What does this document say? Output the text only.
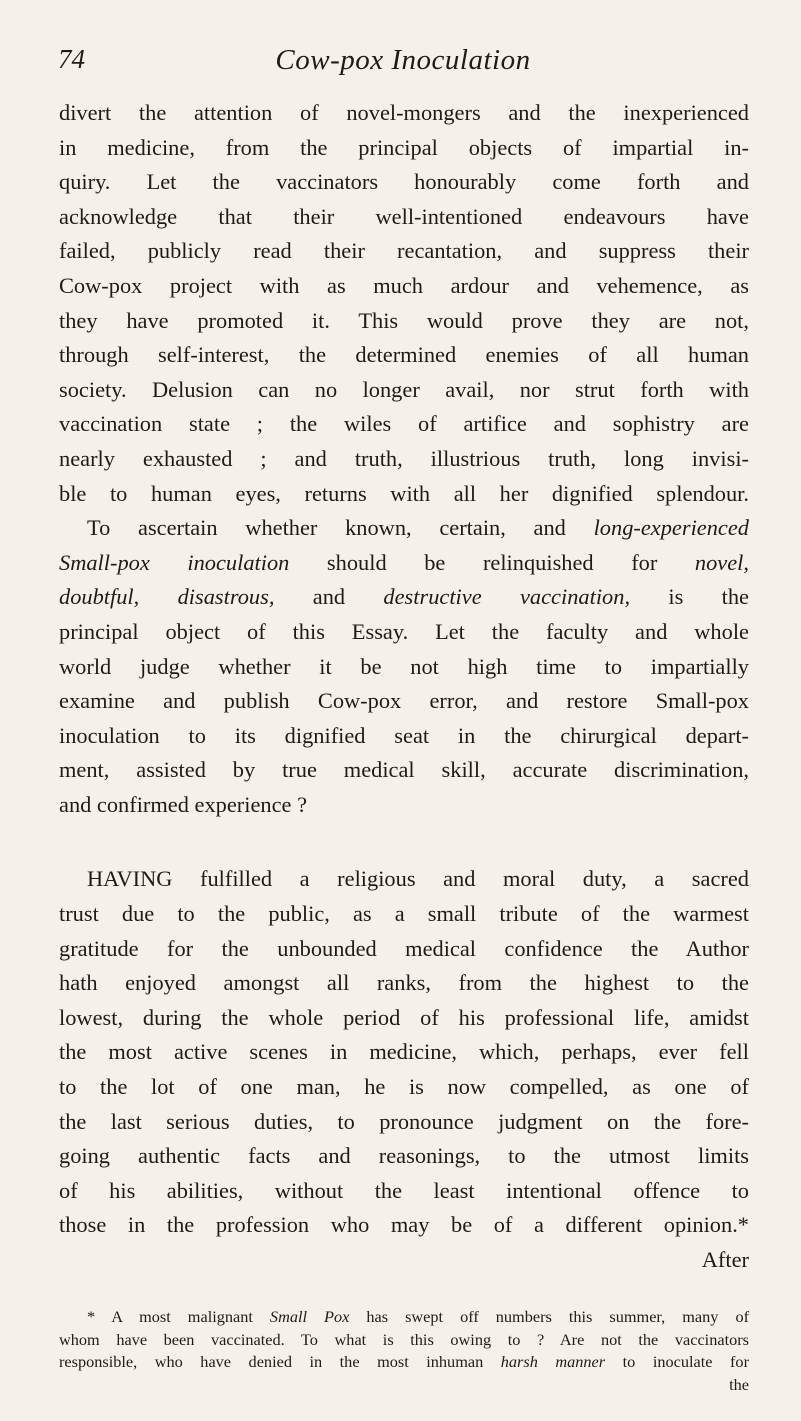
74	Cow-pox Inoculation
divert the attention of novel-mongers and the inexperienced
in medicine, from the principal objects of impartial in-
quiry. Let the vaccinators honourably come forth and
acknowledge that their well-intentioned endeavours have
failed, publicly read their recantation, and suppress their
Cow-pox project with as much ardour and vehemence, as
they have promoted it. This would prove they are not,
through self-interest, the determined enemies of all human
society. Delusion can no longer avail, nor strut forth with
vaccination state ; the wiles of artifice and sophistry are
nearly exhausted ; and truth, illustrious truth, long invisi-
ble to human eyes, returns with all her dignified splendour.
To ascertain whether known, certain, and long-experienced
Small-pox inoculation should be relinquished for novel,
doubtful, disastrous, and destructive vaccination, is the
principal object of this Essay. Let the faculty and whole
world judge whether it be not high time to impartially
examine and publish Cow-pox error, and restore Small-pox
inoculation to its dignified seat in the chirurgical depart-
ment, assisted by true medical skill, accurate discrimination,
and confirmed experience ?
HAVING fulfilled a religious and moral duty, a sacred
trust due to the public, as a small tribute of the warmest
gratitude for the unbounded medical confidence the Author
hath enjoyed amongst all ranks, from the highest to the
lowest, during the whole period of his professional life, amidst
the most active scenes in medicine, which, perhaps, ever fell
to the lot of one man, he is now compelled, as one of
the last serious duties, to pronounce judgment on the fore-
going authentic facts and reasonings, to the utmost limits
of his abilities, without the least intentional offence to
those in the profession who may be of a different opinion.*
After
* A most malignant Small Pox has swept off numbers this summer, many of
whom have been vaccinated. To what is this owing to ? Are not the vaccinators
responsible, who have denied in the most inhuman harsh manner to inoculate for
the
